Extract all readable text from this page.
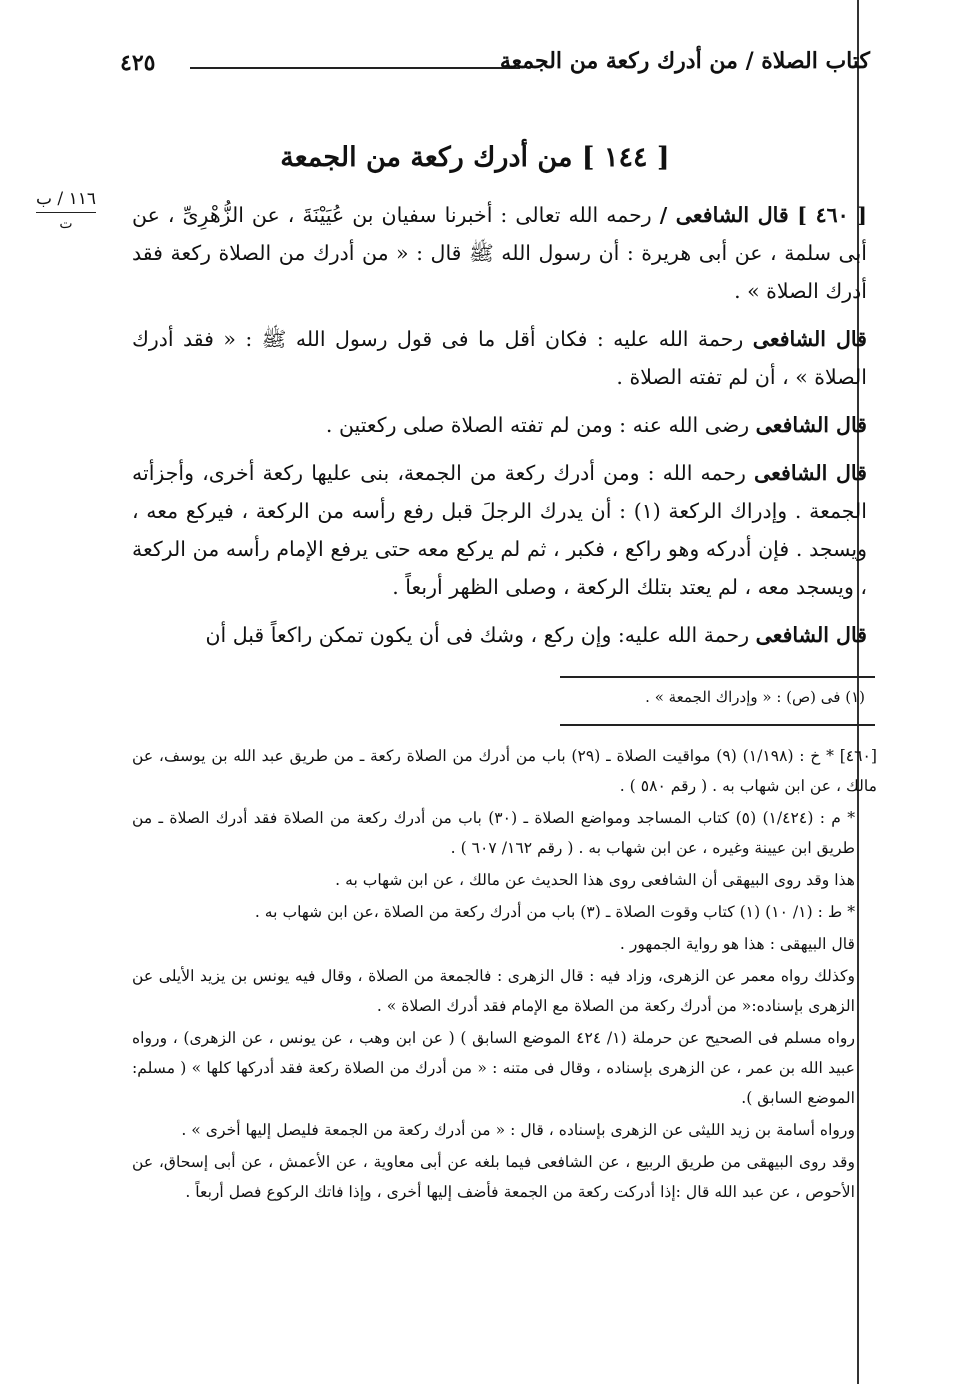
٤٢٥	كتاب الصلاة / من أدرك ركعة من الجمعة
[ ١٤٤ ] من أدرك ركعة من الجمعة
١١٦ / ب
ت	[ ٤٦٠ ] قال الشافعى / رحمه الله تعالى : أخبرنا سفيان بن عُيَيْنَةَ ، عن الزُّهْرِىِّ ، عن أبى سلمة ، عن أبى هريرة : أن رسول الله ﷺ قال : « من أدرك من الصلاة ركعة فقد أدرك الصلاة » .

قال الشافعى رحمة الله عليه : فكان أقل ما فى قول رسول الله ﷺ : « فقد أدرك الصلاة » ، أن لم تفته الصلاة .

قال الشافعى رضى الله عنه : ومن لم تفته الصلاة صلى ركعتين .

قال الشافعى رحمه الله : ومن أدرك ركعة من الجمعة، بنى عليها ركعة أخرى، وأجزأته الجمعة . وإدراك الركعة (١) : أن يدرك الرجلَ قبل رفع رأسه من الركعة ، فيركع معه ، ويسجد . فإن أدركه وهو راكع ، فكبر ، ثم لم يركع معه حتى يرفع الإمام رأسه من الركعة ، ويسجد معه ، لم يعتد بتلك الركعة ، وصلى الظهر أربعاً .

قال الشافعى رحمة الله عليه: وإن ركع ، وشك فى أن يكون تمكن راكعاً قبل أن

(١) فى (ص) : « وإدراك الجمعة » .

[٤٦٠] * خ : (١/١٩٨) (٩) مواقيت الصلاة ـ (٢٩) باب من أدرك من الصلاة ركعة ـ من طريق عبد الله بن يوسف، عن مالك ، عن ابن شهاب به . ( رقم ٥٨٠ ) .

* م : (١/٤٢٤) (٥) كتاب المساجد ومواضع الصلاة ـ (٣٠) باب من أدرك ركعة من الصلاة فقد أدرك الصلاة ـ من طريق ابن عيينة وغيره ، عن ابن شهاب به . ( رقم ١٦٢/ ٦٠٧ ) .

هذا وقد روى البيهقى أن الشافعى روى هذا الحديث عن مالك ، عن ابن شهاب به .

* ط : (١/ ١٠) (١) كتاب وقوت الصلاة ـ (٣) باب من أدرك ركعة من الصلاة ،عن ابن شهاب به .

قال البيهقى : هذا هو رواية الجمهور .

وكذلك رواه معمر عن الزهرى، وزاد فيه : قال الزهرى : فالجمعة من الصلاة ، وقال فيه يونس بن يزيد الأيلى عن الزهرى بإسناده:« من أدرك ركعة من الصلاة مع الإمام فقد أدرك الصلاة » .

رواه مسلم فى الصحيح عن حرملة (١/ ٤٢٤ الموضع السابق ) ( عن ابن وهب ، عن يونس ، عن الزهرى) ، ورواه عبيد الله بن عمر ، عن الزهرى بإسناده ، وقال فى متنه : « من أدرك من الصلاة ركعة فقد أدركها كلها » ( مسلم: الموضع السابق ).

ورواه أسامة بن زيد الليثى عن الزهرى بإسناده ، قال : « من أدرك ركعة من الجمعة فليصل إليها أخرى » .

وقد روى البيهقى من طريق الربيع ، عن الشافعى فيما بلغه عن أبى معاوية ، عن الأعمش ، عن أبى إسحاق، عن الأحوص ، عن عبد الله قال :إذا أدركت ركعة من الجمعة فأضف إليها أخرى ، وإذا فاتك الركوع فصل أربعاً .
